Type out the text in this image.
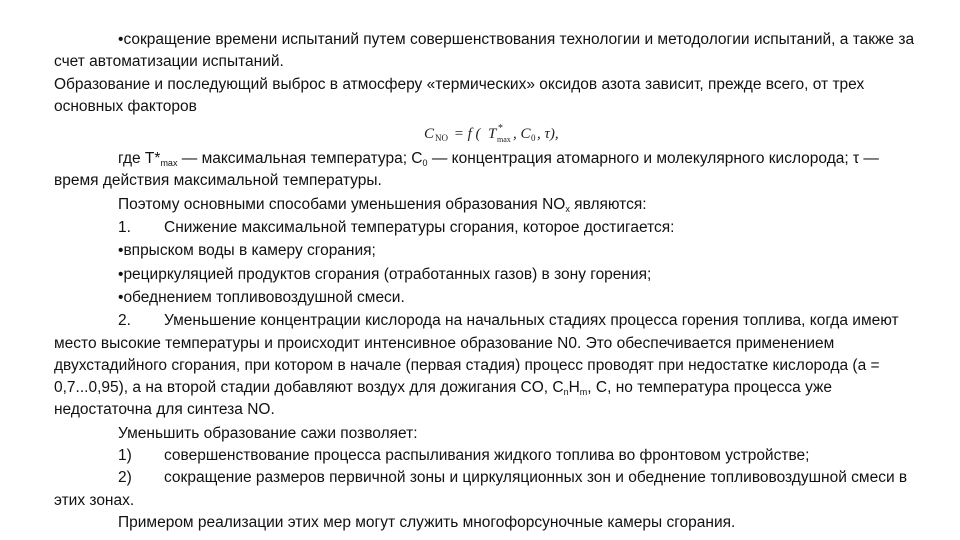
•сокращение времени испытаний путем совершенствования технологии и методологии испытаний, а также за счет автоматизации испытаний.

Образование и последующий выброс в атмосферу «термических» оксидов азота зависит, прежде всего, от трех основных факторов

C NO = f ( T *
max , C 0 , τ),

где $T*_{max}$ — максимальная температура; $C_0$ — концентрация атомарного и молекулярного кислорода; τ — время действия максимальной температуры.

Поэтому основными способами уменьшения образования $NO_x$ являются:

1. Снижение максимальной температуры сгорания, которое достигается:

•впрыском воды в камеру сгорания;

•рециркуляцией продуктов сгорания (отработанных газов) в зону горения;

•обеднением топливовоздушной смеси.

2. Уменьшение концентрации кислорода на начальных стадиях процесса горения топлива, когда имеют место высокие температуры и происходит интенсивное образование N0. Это обеспечивается применением двухстадийного сгорания, при котором в начале (первая стадия) процесс проводят при недостатке кислорода (a = 0,7...0,95), а на второй стадии добавляют воздух для дожигания CO, $C_nH_m$, C, но температура процесса уже недостаточна для синтеза NO.

Уменьшить образование сажи позволяет:

1) совершенствование процесса распыливания жидкого топлива во фронтовом устройстве;

2) сокращение размеров первичной зоны и циркуляционных зон и обеднение топливовоздушной смеси в этих зонах.

Примером реализации этих мер могут служить многофорсуночные камеры сгорания.
